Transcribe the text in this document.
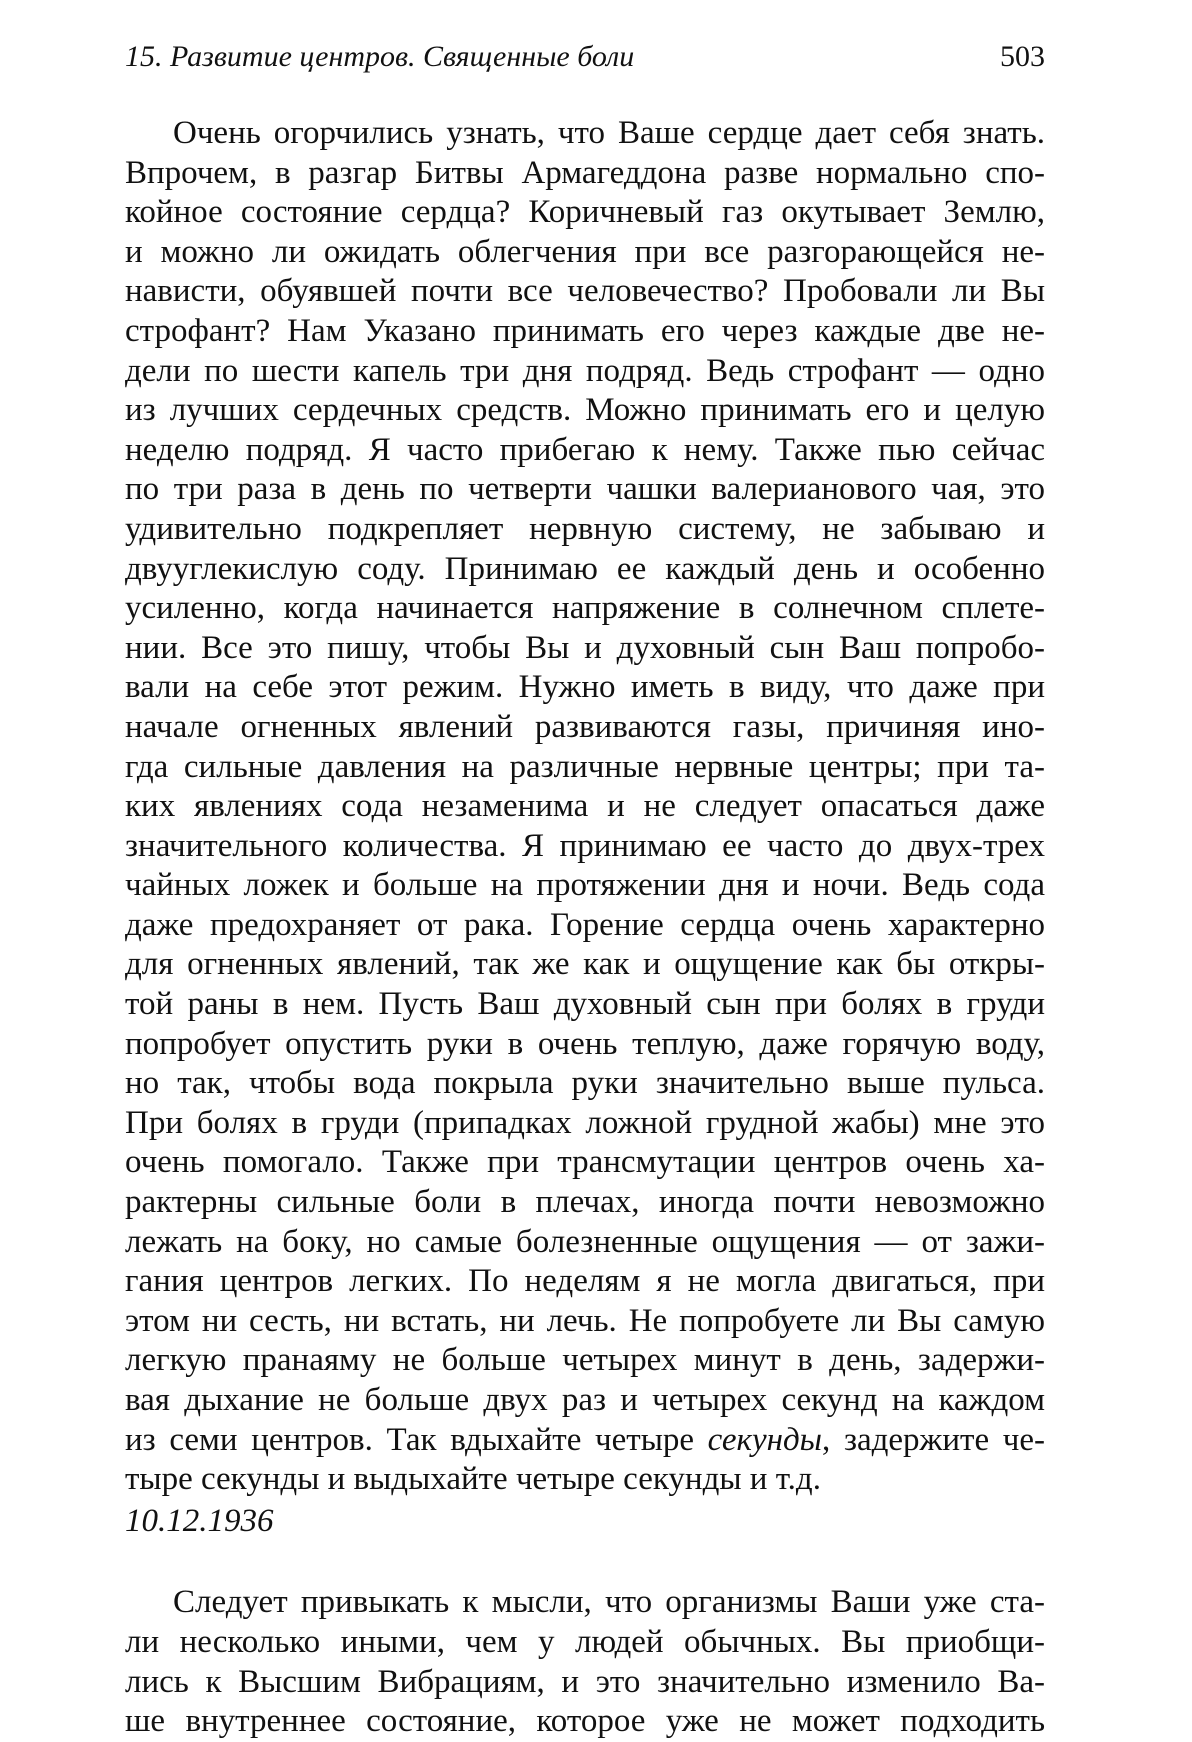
15. Развитие центров. Священные боли	503
Очень огорчились узнать, что Ваше сердце дает себя знать.
Впрочем, в разгар Битвы Армагеддона разве нормально спо-
койное состояние сердца? Коричневый газ окутывает Землю,
и можно ли ожидать облегчения при все разгорающейся не-
нависти, обуявшей почти все человечество? Пробовали ли Вы
строфант? Нам Указано принимать его через каждые две не-
дели по шести капель три дня подряд. Ведь строфант — одно
из лучших сердечных средств. Можно принимать его и целую
неделю подряд. Я часто прибегаю к нему. Также пью сейчас
по три раза в день по четверти чашки валерианового чая, это
удивительно подкрепляет нервную систему, не забываю и
двууглекислую соду. Принимаю ее каждый день и особенно
усиленно, когда начинается напряжение в солнечном сплете-
нии. Все это пишу, чтобы Вы и духовный сын Ваш попробо-
вали на себе этот режим. Нужно иметь в виду, что даже при
начале огненных явлений развиваются газы, причиняя ино-
гда сильные давления на различные нервные центры; при та-
ких явлениях сода незаменима и не следует опасаться даже
значительного количества. Я принимаю ее часто до двух-трех
чайных ложек и больше на протяжении дня и ночи. Ведь сода
даже предохраняет от рака. Горение сердца очень характерно
для огненных явлений, так же как и ощущение как бы откры-
той раны в нем. Пусть Ваш духовный сын при болях в груди
попробует опустить руки в очень теплую, даже горячую воду,
но так, чтобы вода покрыла руки значительно выше пульса.
При болях в груди (припадках ложной грудной жабы) мне это
очень помогало. Также при трансмутации центров очень ха-
рактерны сильные боли в плечах, иногда почти невозможно
лежать на боку, но самые болезненные ощущения — от зажи-
гания центров легких. По неделям я не могла двигаться, при
этом ни сесть, ни встать, ни лечь. Не попробуете ли Вы самую
легкую пранаяму не больше четырех минут в день, задержи-
вая дыхание не больше двух раз и четырех секунд на каждом
из семи центров. Так вдыхайте четыре секунды, задержите че-
тыре секунды и выдыхайте четыре секунды и т.д.
10.12.1936
Следует привыкать к мысли, что организмы Ваши уже ста-
ли несколько иными, чем у людей обычных. Вы приобщи-
лись к Высшим Вибрациям, и это значительно изменило Ва-
ше внутреннее состояние, которое уже не может подходить
